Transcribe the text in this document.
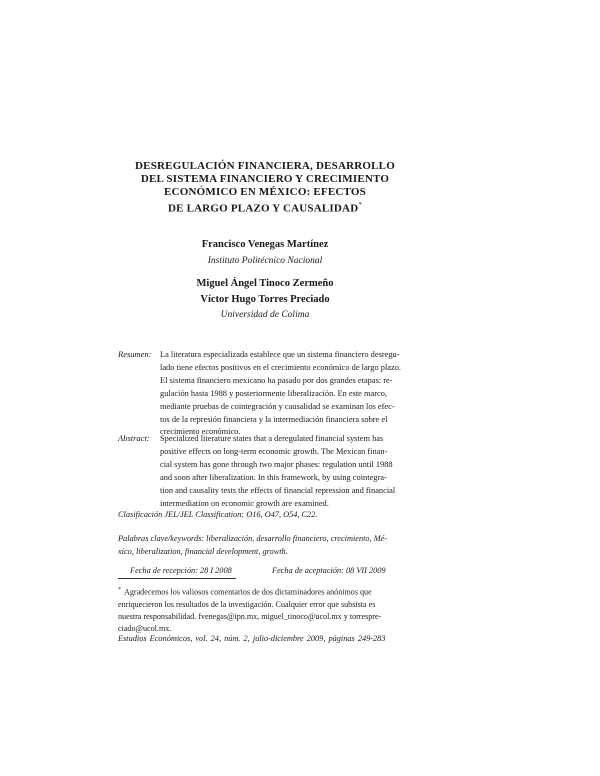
DESREGULACIÓN FINANCIERA, DESARROLLO
DEL SISTEMA FINANCIERO Y CRECIMIENTO
ECONÓMICO EN MÉXICO: EFECTOS
DE LARGO PLAZO Y CAUSALIDAD*
Francisco Venegas Martínez
Instituto Politécnico Nacional
Miguel Ángel Tinoco Zermeño
Víctor Hugo Torres Preciado
Universidad de Colima
Resumen:	La literatura especializada establece que un sistema financiero desregu-
lado tiene efectos positivos en el crecimiento económico de largo plazo.
El sistema financiero mexicano ha pasado por dos grandes etapas: re-
gulación hasta 1988 y posteriormente liberalización. En este marco,
mediante pruebas de cointegración y causalidad se examinan los efec-
tos de la represión financiera y la intermediación financiera sobre el
crecimiento económico.
Abstract:	Specialized literature states that a deregulated financial system has
positive effects on long-term economic growth. The Mexican finan-
cial system has gone through two major phases: regulation until 1988
and soon after liberalization. In this framework, by using cointegra-
tion and causality tests the effects of financial repression and financial
intermediation on economic growth are examined.
Clasificación JEL/JEL Classification: O16, O47, O54, C22.
Palabras clave/keywords: liberalización, desarrollo financiero, crecimiento, Mé-
xico, liberalization, financial development, growth.
Fecha de recepción: 28 I 2008	Fecha de aceptación: 08 VII 2009
* Agradecemos los valiosos comentarios de dos dictaminadores anónimos que
enriquecieron los resultados de la investigación. Cualquier error que subsista es
nuestra responsabilidad. fvenegas@ipn.mx, miguel_tinoco@ucol.mx y torrespre-
ciado@ucol.mx.
Estudios Económicos, vol. 24, núm. 2, julio-diciembre 2009, páginas 249-283
